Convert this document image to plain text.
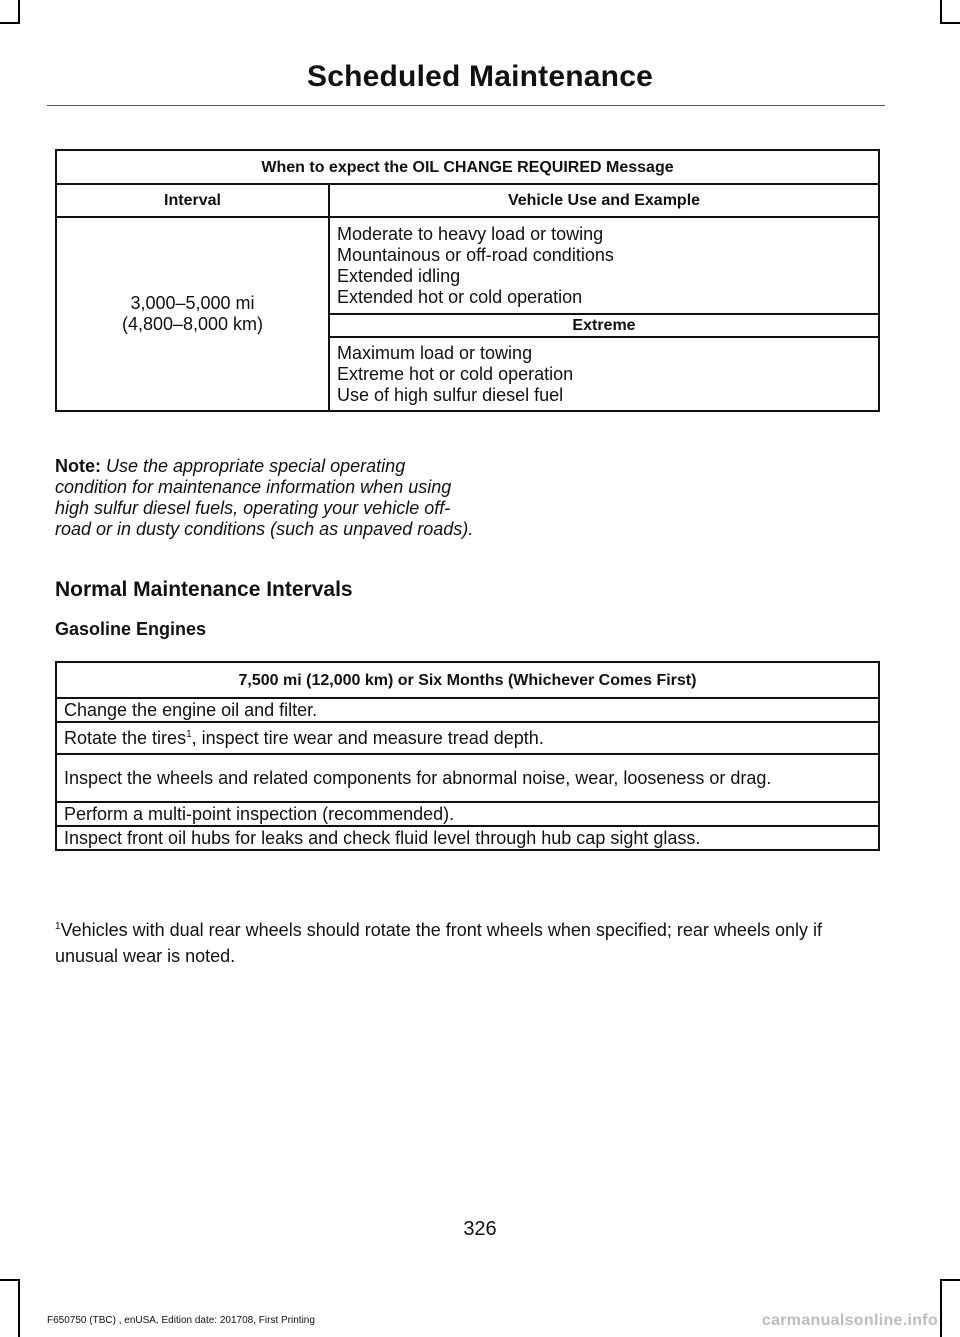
Scheduled Maintenance
When to expect the OIL CHANGE REQUIRED Message	
Interval	Vehicle Use and Example

3,000–5,000 mi
(4,800–8,000 km)	Moderate to heavy load or towing
Mountainous or off-road conditions
Extended idling
Extended hot or cold operation

	Extreme

	Maximum load or towing
Extreme hot or cold operation
Use of high sulfur diesel fuel
Note: Use the appropriate special operating condition for maintenance information when using high sulfur diesel fuels, operating your vehicle off-road or in dusty conditions (such as unpaved roads).
Normal Maintenance Intervals
Gasoline Engines
7,500 mi (12,000 km) or Six Months (Whichever Comes First)
Change the engine oil and filter.
Rotate the tires$^1$, inspect tire wear and measure tread depth.
Inspect the wheels and related components for abnormal noise, wear, looseness or drag.
Perform a multi-point inspection (recommended).
Inspect front oil hubs for leaks and check fluid level through hub cap sight glass.
$^1$Vehicles with dual rear wheels should rotate the front wheels when specified; rear wheels only if unusual wear is noted.
326
F650750 (TBC) , enUSA, Edition date: 201708, First Printing	carmanualsonline.info
